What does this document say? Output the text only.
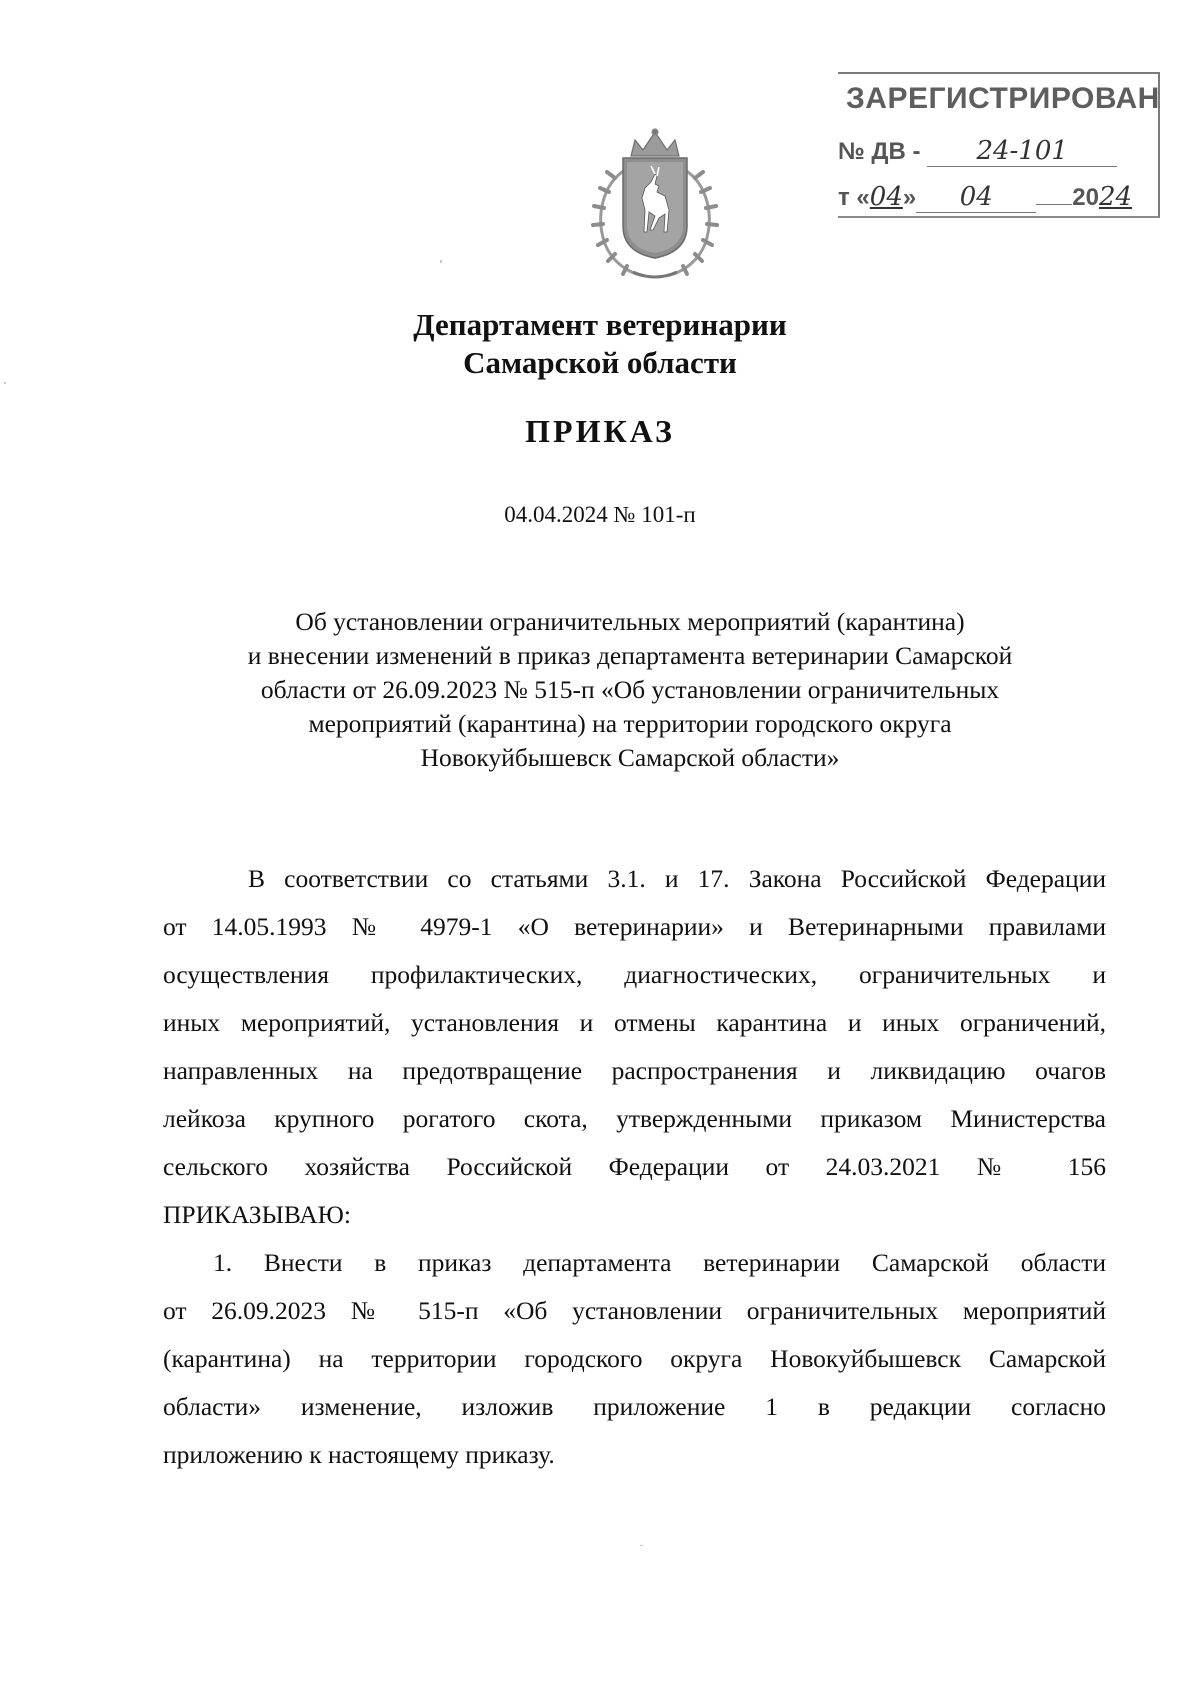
ЗАРЕГИСТРИРОВАН
№ ДВ - 24-101
т «04» 04	2024
Департамент ветеринарии
Самарской области
ПРИКАЗ
04.04.2024 № 101-п
Об установлении ограничительных мероприятий (карантина)
и внесении изменений в приказ департамента ветеринарии Самарской
области от 26.09.2023 № 515-п «Об установлении ограничительных
мероприятий (карантина) на территории городского округа
Новокуйбышевск Самарской области»
В соответствии со статьями 3.1. и 17. Закона Российской Федерации
от 14.05.1993 № 4979-1 «О ветеринарии» и Ветеринарными правилами
осуществления профилактических, диагностических, ограничительных и
иных мероприятий, установления и отмены карантина и иных ограничений,
направленных на предотвращение распространения и ликвидацию очагов
лейкоза крупного рогатого скота, утвержденными приказом Министерства
сельского хозяйства Российской Федерации от 24.03.2021 № 156
ПРИКАЗЫВАЮ:
1. Внести в приказ департамента ветеринарии Самарской области
от 26.09.2023 № 515-п «Об установлении ограничительных мероприятий
(карантина) на территории городского округа Новокуйбышевск Самарской
области» изменение, изложив приложение 1 в редакции согласно
приложению к настоящему приказу.
